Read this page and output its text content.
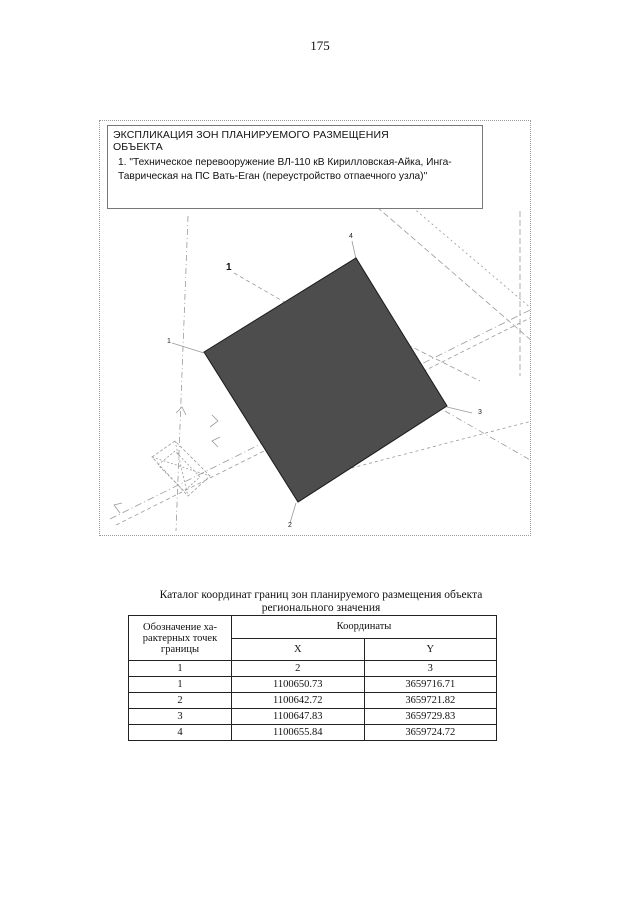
175
ЭКСПЛИКАЦИЯ ЗОН ПЛАНИРУЕМОГО РАЗМЕЩЕНИЯ ОБЪЕКТА
1. "Техническое перевооружение ВЛ-110 кВ Кирилловская-Айка, Инга-Таврическая на ПС Вать-Еган (переустройство отпаечного узла)"
1
1
2
3
4
Каталог координат границ зон планируемого размещения объекта регионального значения
Обозначение ха-рактерных точек границы	Координаты	
	X	Y
1	2	3
1	1100650.73	3659716.71
2	1100642.72	3659721.82
3	1100647.83	3659729.83
4	1100655.84	3659724.72
